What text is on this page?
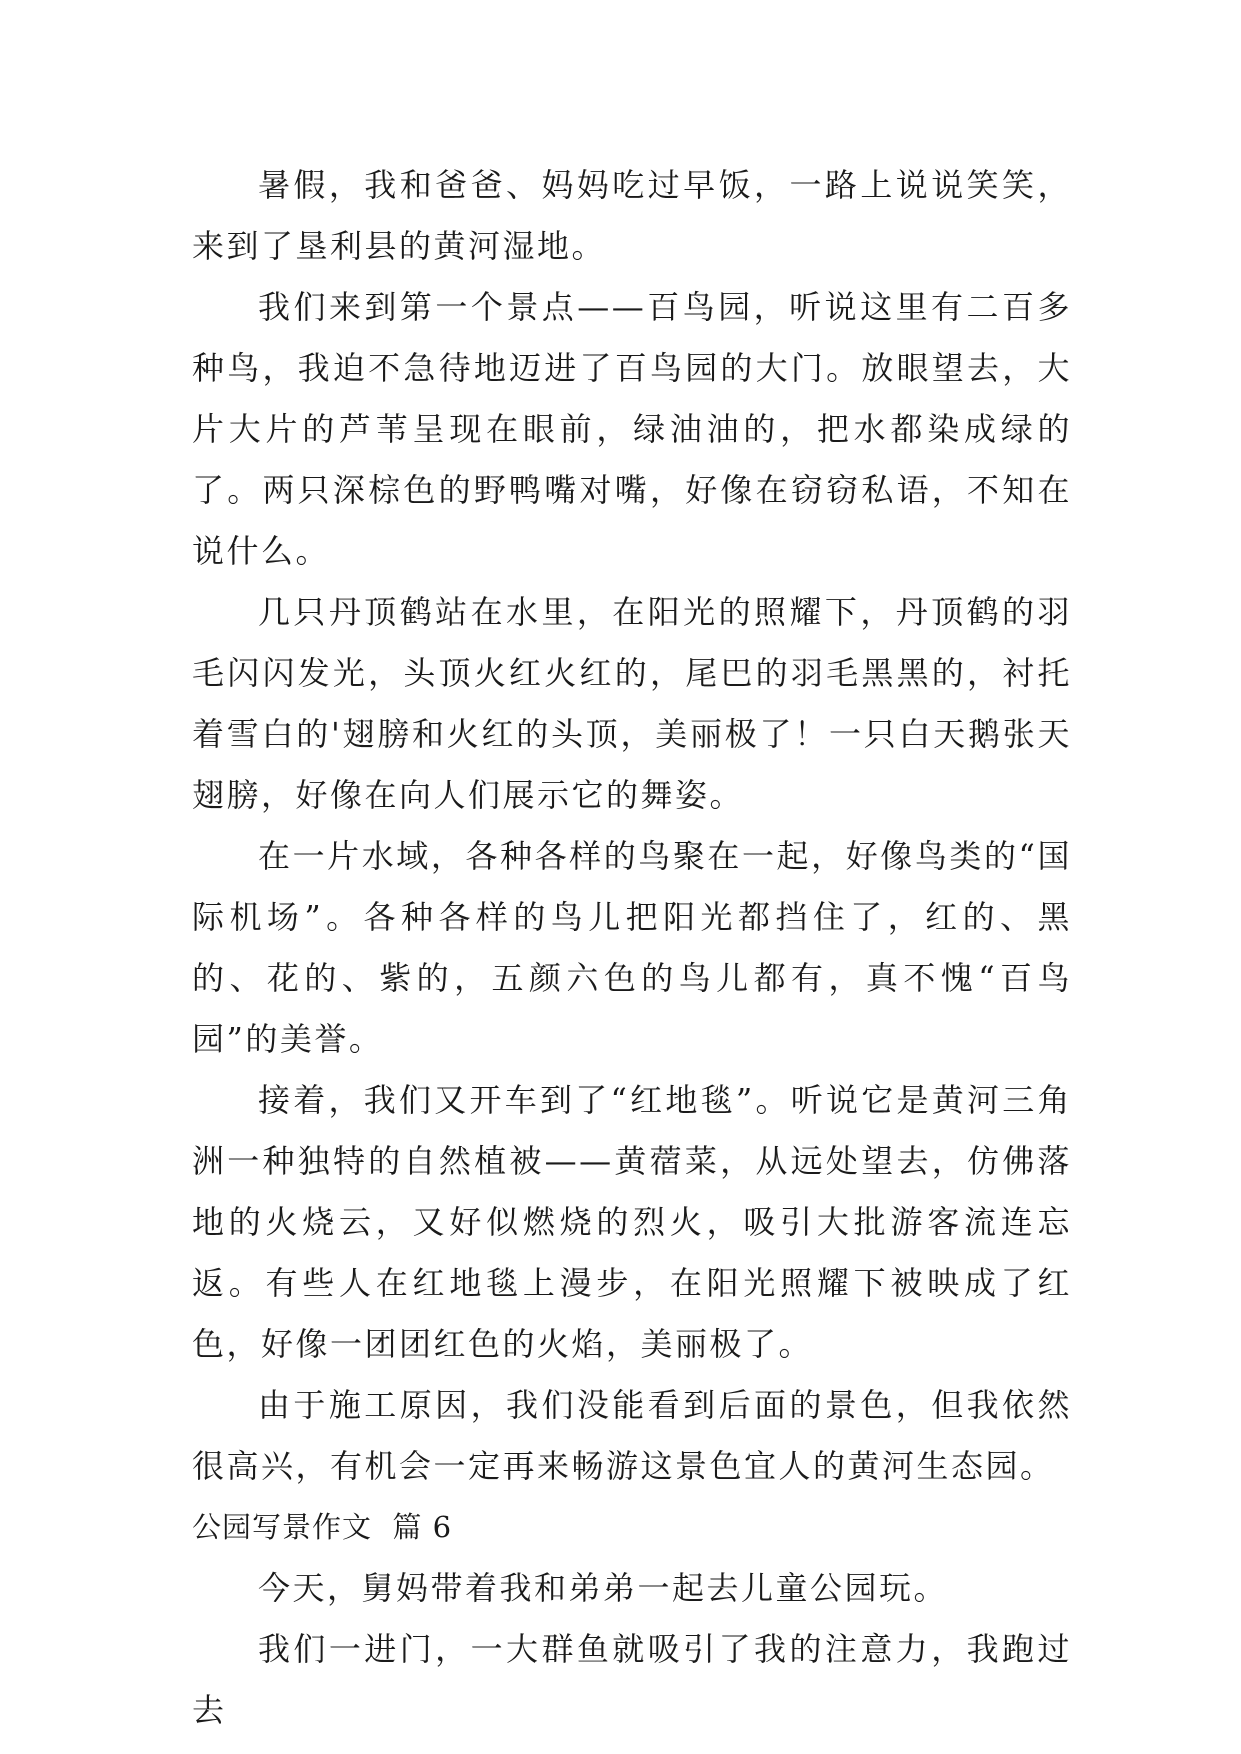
暑假，我和爸爸、妈妈吃过早饭，一路上说说笑笑，来到了垦利县的黄河湿地。

我们来到第一个景点——百鸟园，听说这里有二百多种鸟，我迫不急待地迈进了百鸟园的大门。放眼望去，大片大片的芦苇呈现在眼前，绿油油的，把水都染成绿的了。两只深棕色的野鸭嘴对嘴，好像在窃窃私语，不知在说什么。

几只丹顶鹤站在水里，在阳光的照耀下，丹顶鹤的羽毛闪闪发光，头顶火红火红的，尾巴的羽毛黑黑的，衬托着雪白的'翅膀和火红的头顶，美丽极了！一只白天鹅张天翅膀，好像在向人们展示它的舞姿。

在一片水域，各种各样的鸟聚在一起，好像鸟类的“国际机场”。各种各样的鸟儿把阳光都挡住了，红的、黑的、花的、紫的，五颜六色的鸟儿都有，真不愧“百鸟园”的美誉。

接着，我们又开车到了“红地毯”。听说它是黄河三角洲一种独特的自然植被——黄蓿菜，从远处望去，仿佛落地的火烧云，又好似燃烧的烈火，吸引大批游客流连忘返。有些人在红地毯上漫步，在阳光照耀下被映成了红色，好像一团团红色的火焰，美丽极了。

由于施工原因，我们没能看到后面的景色，但我依然很高兴，有机会一定再来畅游这景色宜人的黄河生态园。

公园写景作文  篇 6

今天，舅妈带着我和弟弟一起去儿童公园玩。

我们一进门，一大群鱼就吸引了我的注意力，我跑过去
